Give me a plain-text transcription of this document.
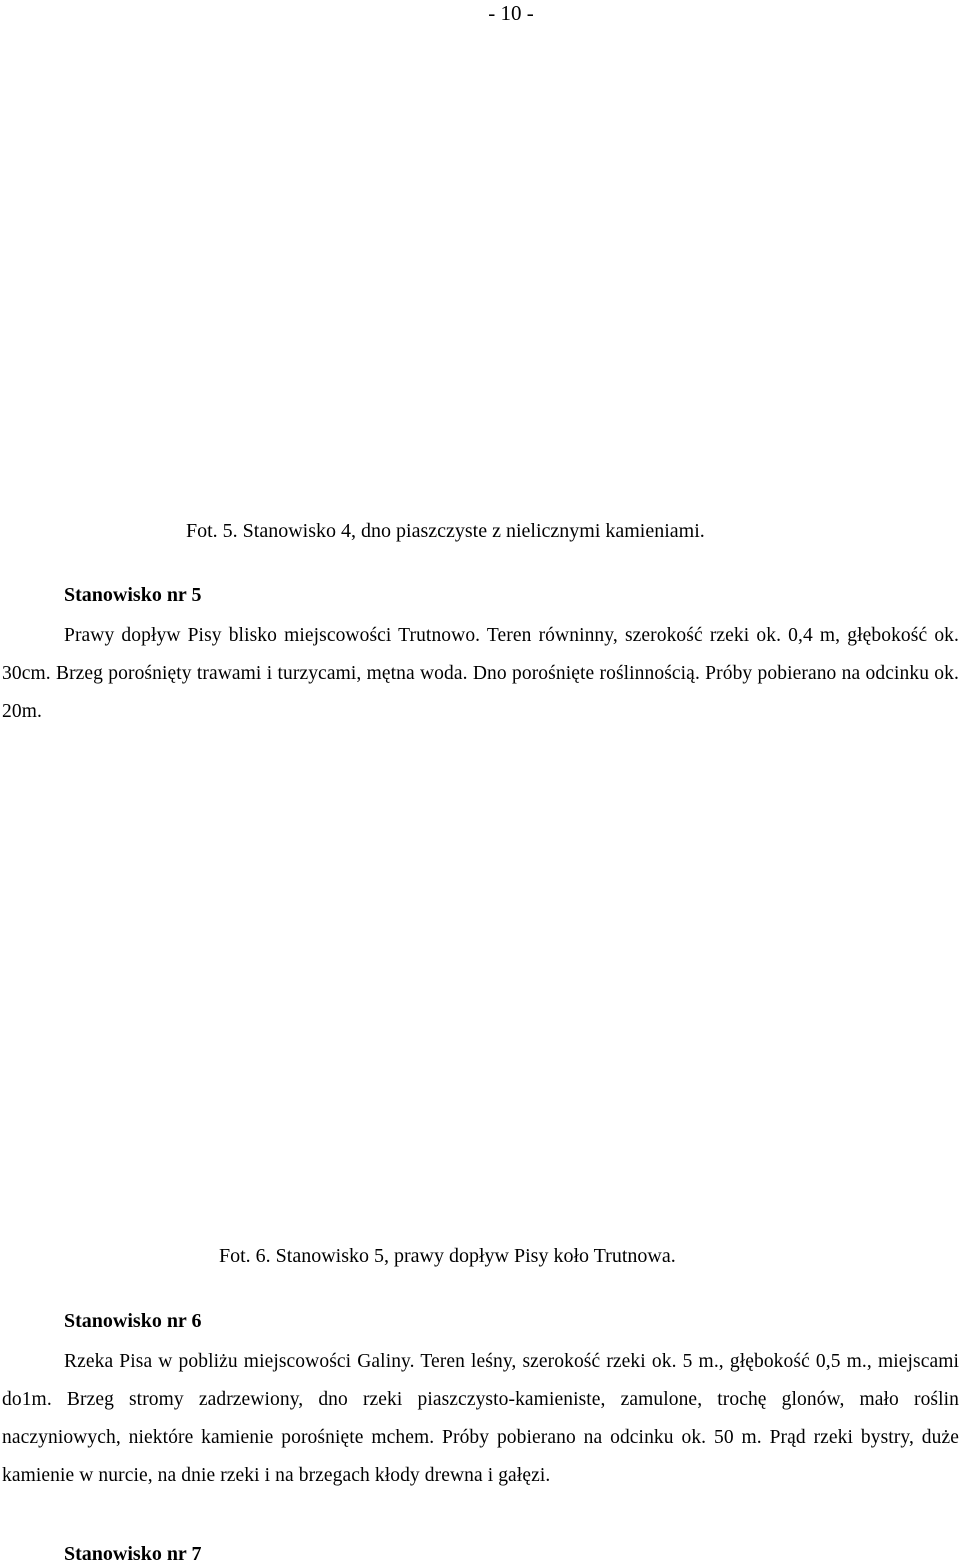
- 10 -
Fot. 5. Stanowisko 4, dno piaszczyste z nielicznymi kamieniami.
Stanowisko nr 5
Prawy dopływ Pisy blisko miejscowości Trutnowo. Teren równinny, szerokość rzeki ok. 0,4 m, głębokość ok. 30cm. Brzeg porośnięty trawami i turzycami, mętna woda. Dno porośnięte roślinnością. Próby pobierano na odcinku ok. 20m.
Fot. 6. Stanowisko 5, prawy dopływ Pisy koło Trutnowa.
Stanowisko nr 6
Rzeka Pisa w pobliżu miejscowości Galiny. Teren leśny, szerokość rzeki ok. 5 m., głębokość 0,5 m., miejscami do1m. Brzeg stromy zadrzewiony, dno rzeki piaszczysto-kamieniste, zamulone, trochę glonów, mało roślin naczyniowych, niektóre kamienie porośnięte mchem. Próby pobierano na odcinku ok. 50 m. Prąd rzeki bystry, duże kamienie w nurcie, na dnie rzeki i na brzegach kłody drewna i gałęzi.
Stanowisko nr 7
